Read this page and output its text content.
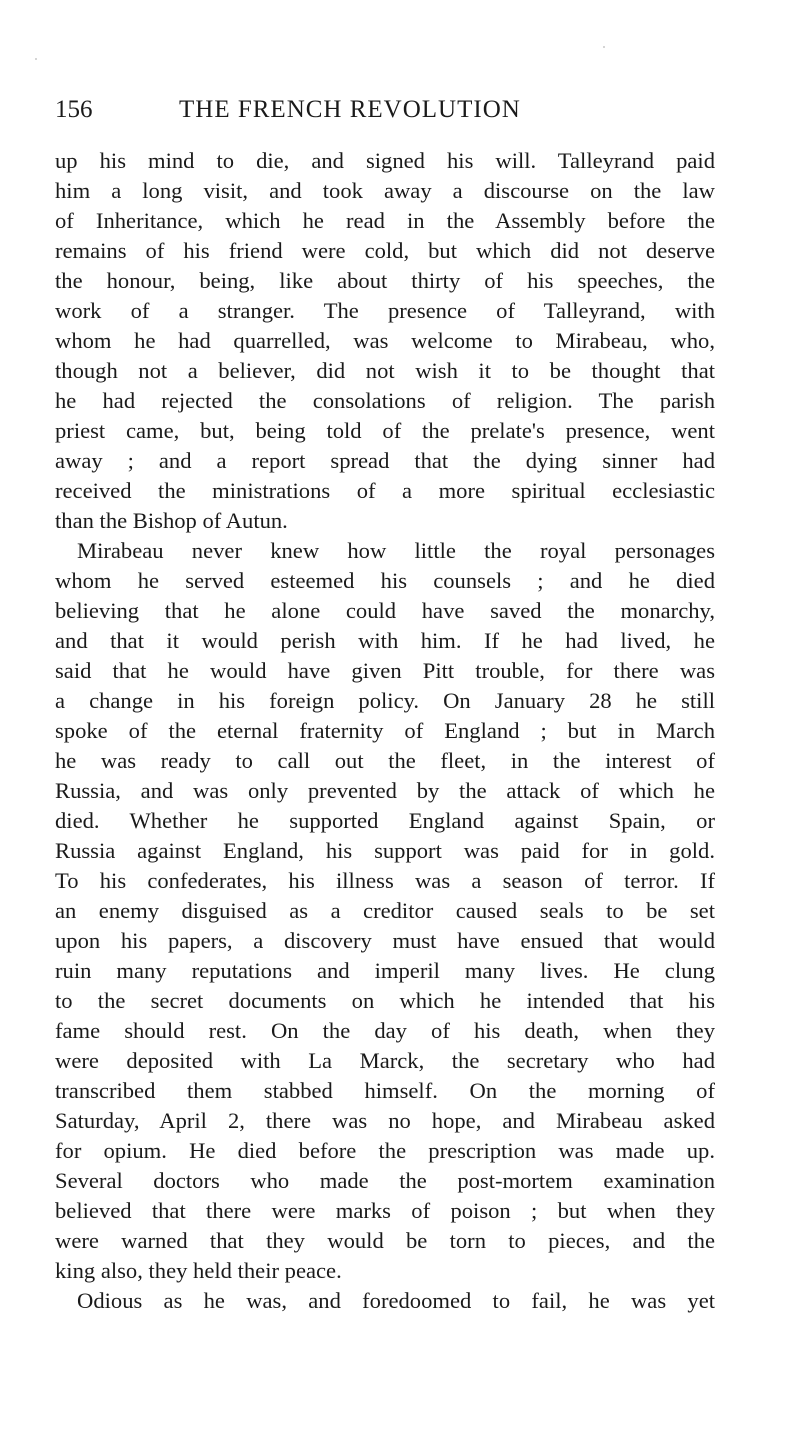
156	THE FRENCH REVOLUTION
up his mind to die, and signed his will. Talleyrand paid
him a long visit, and took away a discourse on the law
of Inheritance, which he read in the Assembly before the
remains of his friend were cold, but which did not deserve
the honour, being, like about thirty of his speeches, the
work of a stranger. The presence of Talleyrand, with
whom he had quarrelled, was welcome to Mirabeau, who,
though not a believer, did not wish it to be thought that
he had rejected the consolations of religion. The parish
priest came, but, being told of the prelate's presence, went
away ; and a report spread that the dying sinner had
received the ministrations of a more spiritual ecclesiastic
than the Bishop of Autun.
Mirabeau never knew how little the royal personages
whom he served esteemed his counsels ; and he died
believing that he alone could have saved the monarchy,
and that it would perish with him. If he had lived, he
said that he would have given Pitt trouble, for there was
a change in his foreign policy. On January 28 he still
spoke of the eternal fraternity of England ; but in March
he was ready to call out the fleet, in the interest of
Russia, and was only prevented by the attack of which he
died. Whether he supported England against Spain, or
Russia against England, his support was paid for in gold.
To his confederates, his illness was a season of terror. If
an enemy disguised as a creditor caused seals to be set
upon his papers, a discovery must have ensued that would
ruin many reputations and imperil many lives. He clung
to the secret documents on which he intended that his
fame should rest. On the day of his death, when they
were deposited with La Marck, the secretary who had
transcribed them stabbed himself. On the morning of
Saturday, April 2, there was no hope, and Mirabeau asked
for opium. He died before the prescription was made up.
Several doctors who made the post-mortem examination
believed that there were marks of poison ; but when they
were warned that they would be torn to pieces, and the
king also, they held their peace.
Odious as he was, and foredoomed to fail, he was yet
